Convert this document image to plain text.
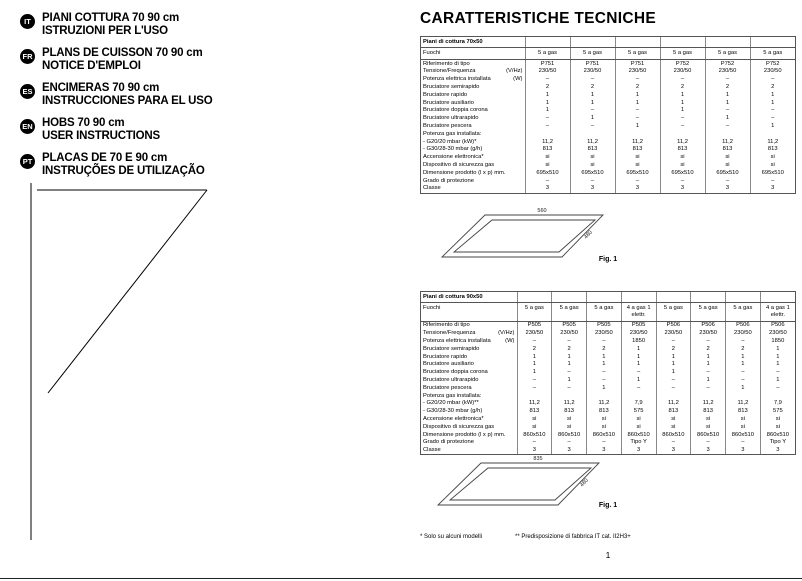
IT PIANI COTTURA 70 90 cm
ISTRUZIONI PER L'USO
FR PLANS DE CUISSON 70 90 cm
NOTICE D'EMPLOI
ES ENCIMERAS 70 90 cm
INSTRUCCIONES PARA EL USO
EN HOBS 70 90 cm
USER INSTRUCTIONS
PT PLACAS DE 70 E 90 cm
INSTRUÇÕES DE UTILIZAÇÃO
CARATTERISTICHE TECNICHE
Piani di cottura 70x50						
Fuochi	5 a gas	5 a gas	5 a gas	5 a gas	5 a gas	5 a gas

Riferimento di tipo	P751	P751	P751	P752	P752	P752

Tensione/Frequenza (V/Hz)	230/50	230/50	230/50	230/50	230/50	230/50

Potenza elettrica installata (W)	–	–	–	–	–	–

Bruciatore semirapido	2	2	2	2	2	2

Bruciatore rapido	1	1	1	1	1	1

Bruciatore ausiliario	1	1	1	1	1	1

Bruciatore doppia corona	1	–	–	1	–	–

Bruciatore ultrarapido	–	1	–	–	1	–

Bruciatore pescera	–	–	1	–	–	1

Potenza gas installata:						

- G20/20 mbar (kW)*	11,2	11,2	11,2	11,2	11,2	11,2

- G30/28-30 mbar (g/h)	813	813	813	813	813	813

Accensione elettronica*	si	si	si	si	si	si

Dispositivo di sicurezza gas	si	si	si	si	si	si

Dimensione prodotto (l x p) mm.	695x510	695x510	695x510	695x510	695x510	695x510

Grado di protezione	–	–	–	–	–	–

Classe	3	3	3	3	3	3
560
480
Fig. 1
Piani di cottura 90x50								
Fuochi	5 a gas	5 a gas	5 a gas	4 a gas 1 elettr.	5 a gas	5 a gas	5 a gas	4 a gas 1 elettr.

Riferimento di tipo	P505	P505	P505	P505	P506	P506	P506	P506

Tensione/Frequenza (V/Hz)	230/50	230/50	230/50	230/50	230/50	230/50	230/50	230/50

Potenza elettrica installata (W)	–	–	–	1850	–	–	–	1850

Bruciatore semirapido	2	2	2	1	2	2	2	1

Bruciatore rapido	1	1	1	1	1	1	1	1

Bruciatore ausiliario	1	1	1	1	1	1	1	1

Bruciatore doppia corona	1	–	–	–	1	–	–	–

Bruciatore ultrarapido	–	1	–	1	–	1	–	1

Bruciatore pescera	–	–	1	–	–	–	1	–

Potenza gas installata:								

- G20/20 mbar (kW)**	11,2	11,2	11,2	7,9	11,2	11,2	11,2	7,9

- G30/28-30 mbar (g/h)	813	813	813	575	813	813	813	575

Accensione elettronica*	si	si	si	si	si	si	si	si

Dispositivo di sicurezza gas	si	si	si	si	si	si	si	si

Dimensione prodotto (l x p) mm.	860x510	860x510	860x510	860x510	860x510	860x510	860x510	860x510

Grado di protezione	–	–	–	Tipo Y	–	–	–	Tipo Y

Classe	3	3	3	3	3	3	3	3
835
480
Fig. 1
* Solo su alcuni modelli	** Predisposizione di fabbrica IT cat. II2H3+
1
